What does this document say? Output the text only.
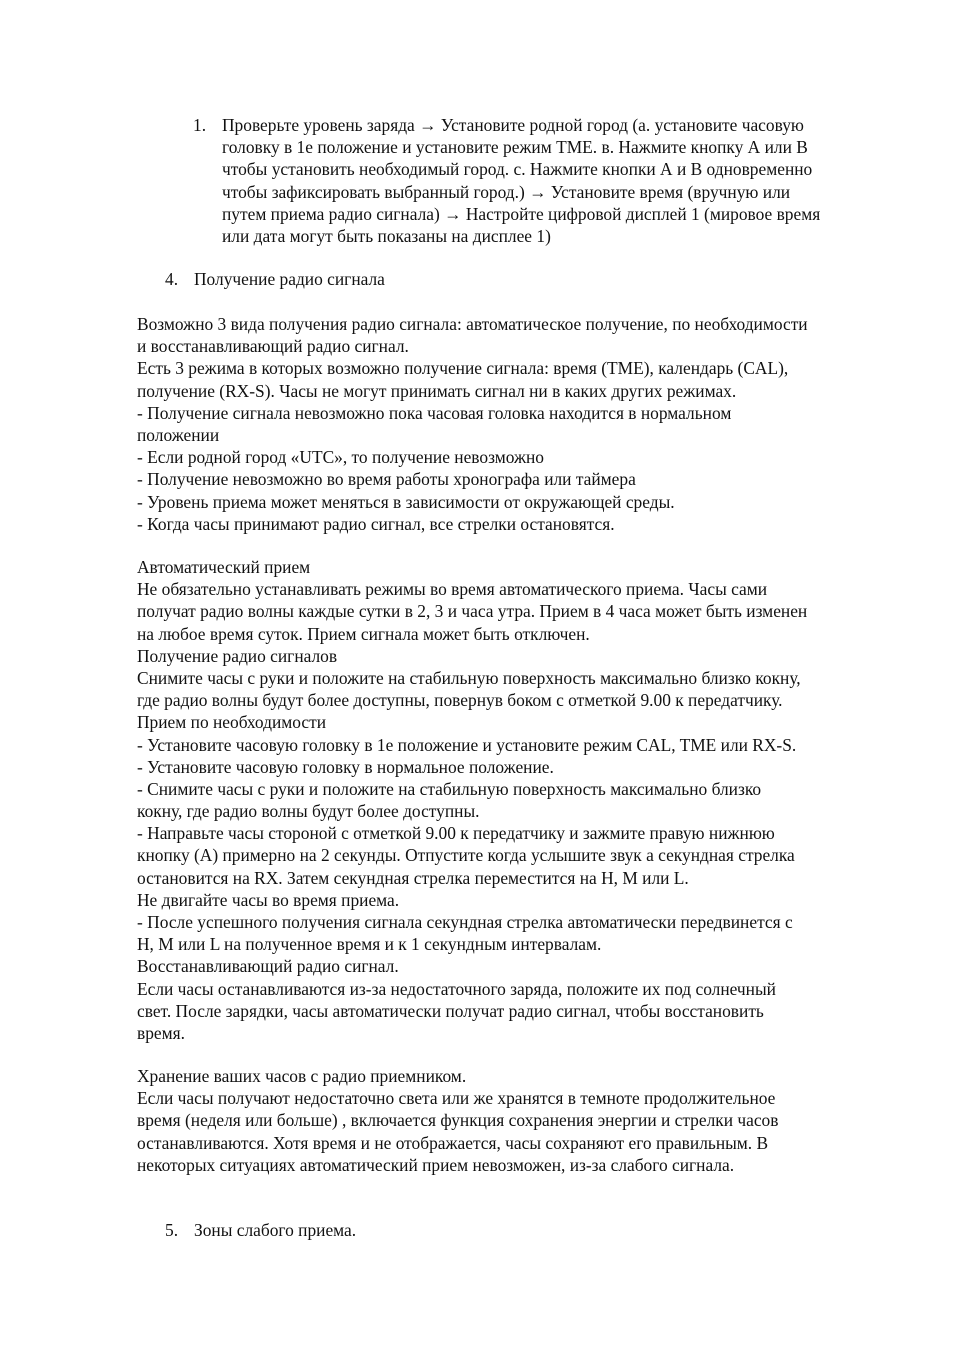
1. Проверьте уровень заряда → Установите родной город (а. установите часовую
головку в 1е положение и установите режим TME. в. Нажмите кнопку А или В
чтобы установить необходимый город. с. Нажмите кнопки А и В одновременно
чтобы зафиксировать выбранный город.) → Установите время (вручную или
путем приема радио сигнала) → Настройте цифровой дисплей 1 (мировое время
или дата могут быть показаны на дисплее 1)
4. Получение радио сигнала
Возможно 3 вида получения радио сигнала: автоматическое получение, по необходимости
и восстанавливающий радио сигнал.
Есть 3 режима в которых возможно получение сигнала: время (TME), календарь (CAL),
получение (RX-S). Часы не могут принимать сигнал ни в каких других режимах.
- Получение сигнала невозможно пока часовая головка находится в нормальном
положении
- Если родной город «UTC», то получение невозможно
- Получение невозможно во время работы хронографа или таймера
- Уровень приема может меняться в зависимости от окружающей среды.
- Когда часы принимают радио сигнал, все стрелки остановятся.
Автоматический прием
Не обязательно устанавливать режимы во время автоматического приема. Часы сами
получат радио волны каждые сутки в 2, 3 и часа утра. Прием в 4 часа может быть изменен
на любое время суток. Прием сигнала может быть отключен.
Получение радио сигналов
Снимите часы с руки и положите на стабильную поверхность максимально близко кокну,
где радио волны будут более доступны, повернув боком с отметкой 9.00 к передатчику.
Прием по необходимости
- Установите часовую головку в 1е положение и установите режим CAL, TME или RX-S.
- Установите часовую головку в нормальное положение.
- Снимите часы с руки и положите на стабильную поверхность максимально близко
кокну, где радио волны будут более доступны.
- Направьте часы стороной с отметкой 9.00 к передатчику и зажмите правую нижнюю
кнопку (А) примерно на 2 секунды. Отпустите когда услышите звук а секундная стрелка
остановится на RX. Затем секундная стрелка переместится на H, M или L.
Не двигайте часы во время приема.
- После успешного получения сигнала секундная стрелка автоматически передвинется с
H, M или L на полученное время и к 1 секундным интервалам.
Восстанавливающий радио сигнал.
Если часы останавливаются из-за недостаточного заряда, положите их под солнечный
свет. После зарядки, часы автоматически получат радио сигнал, чтобы восстановить
время.
Хранение ваших часов с радио приемником.
Если часы получают недостаточно света или же хранятся в темноте продолжительное
время (неделя или больше) , включается функция сохранения энергии и стрелки часов
останавливаются. Хотя время и не отображается, часы сохраняют его правильным. В
некоторых ситуациях автоматический прием невозможен, из-за слабого сигнала.
5. Зоны слабого приема.
